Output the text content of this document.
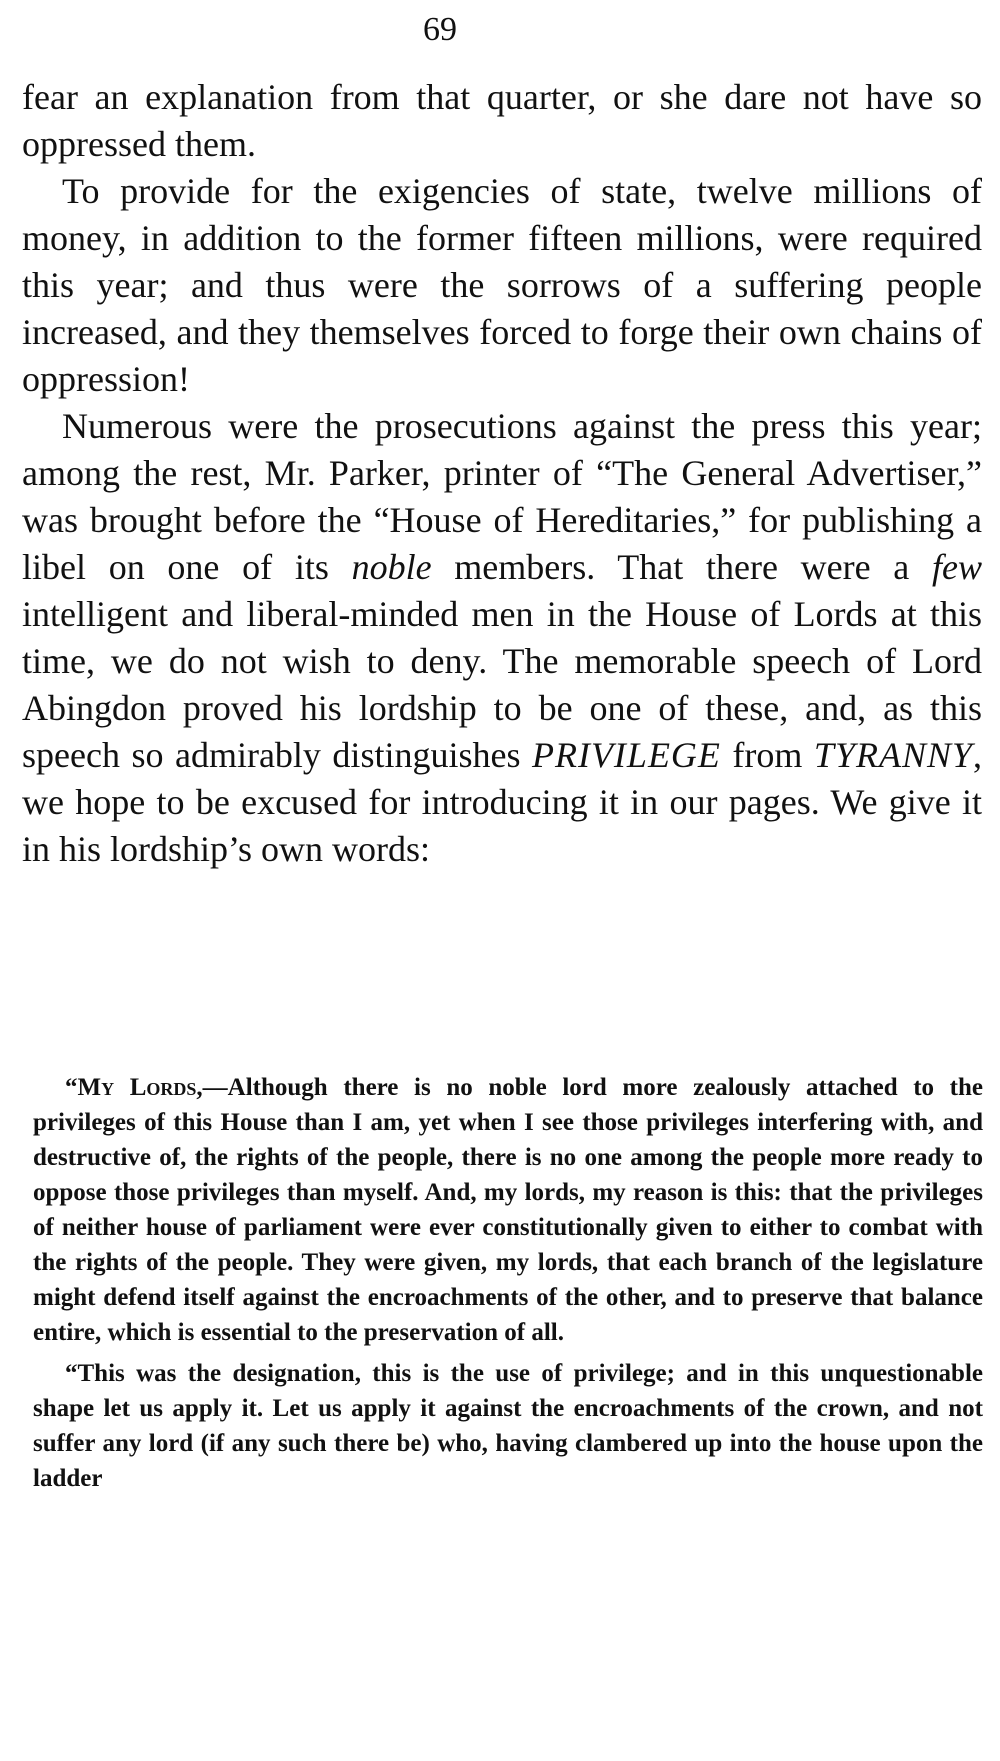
69

fear an explanation from that quarter, or she dare not have so oppressed them.

To provide for the exigencies of state, twelve millions of money, in addition to the former fifteen millions, were required this year; and thus were the sorrows of a suffering people increased, and they themselves forced to forge their own chains of oppression!

Numerous were the prosecutions against the press this year; among the rest, Mr. Parker, printer of “The General Advertiser,” was brought before the “House of Hereditaries,” for publishing a libel on one of its noble members. That there were a few intelligent and liberal-minded men in the House of Lords at this time, we do not wish to deny. The memorable speech of Lord Abingdon proved his lordship to be one of these, and, as this speech so admirably distinguishes PRIVILEGE from TYRANNY, we hope to be excused for introducing it in our pages. We give it in his lordship’s own words:

“My Lords,—Although there is no noble lord more zealously attached to the privileges of this House than I am, yet when I see those privileges interfering with, and destructive of, the rights of the people, there is no one among the people more ready to oppose those privileges than myself. And, my lords, my reason is this: that the privileges of neither house of parliament were ever constitutionally given to either to combat with the rights of the people. They were given, my lords, that each branch of the legislature might defend itself against the encroachments of the other, and to preserve that balance entire, which is essential to the preservation of all.

“This was the designation, this is the use of privilege; and in this unquestionable shape let us apply it. Let us apply it against the encroachments of the crown, and not suffer any lord (if any such there be) who, having clambered up into the house upon the ladder
